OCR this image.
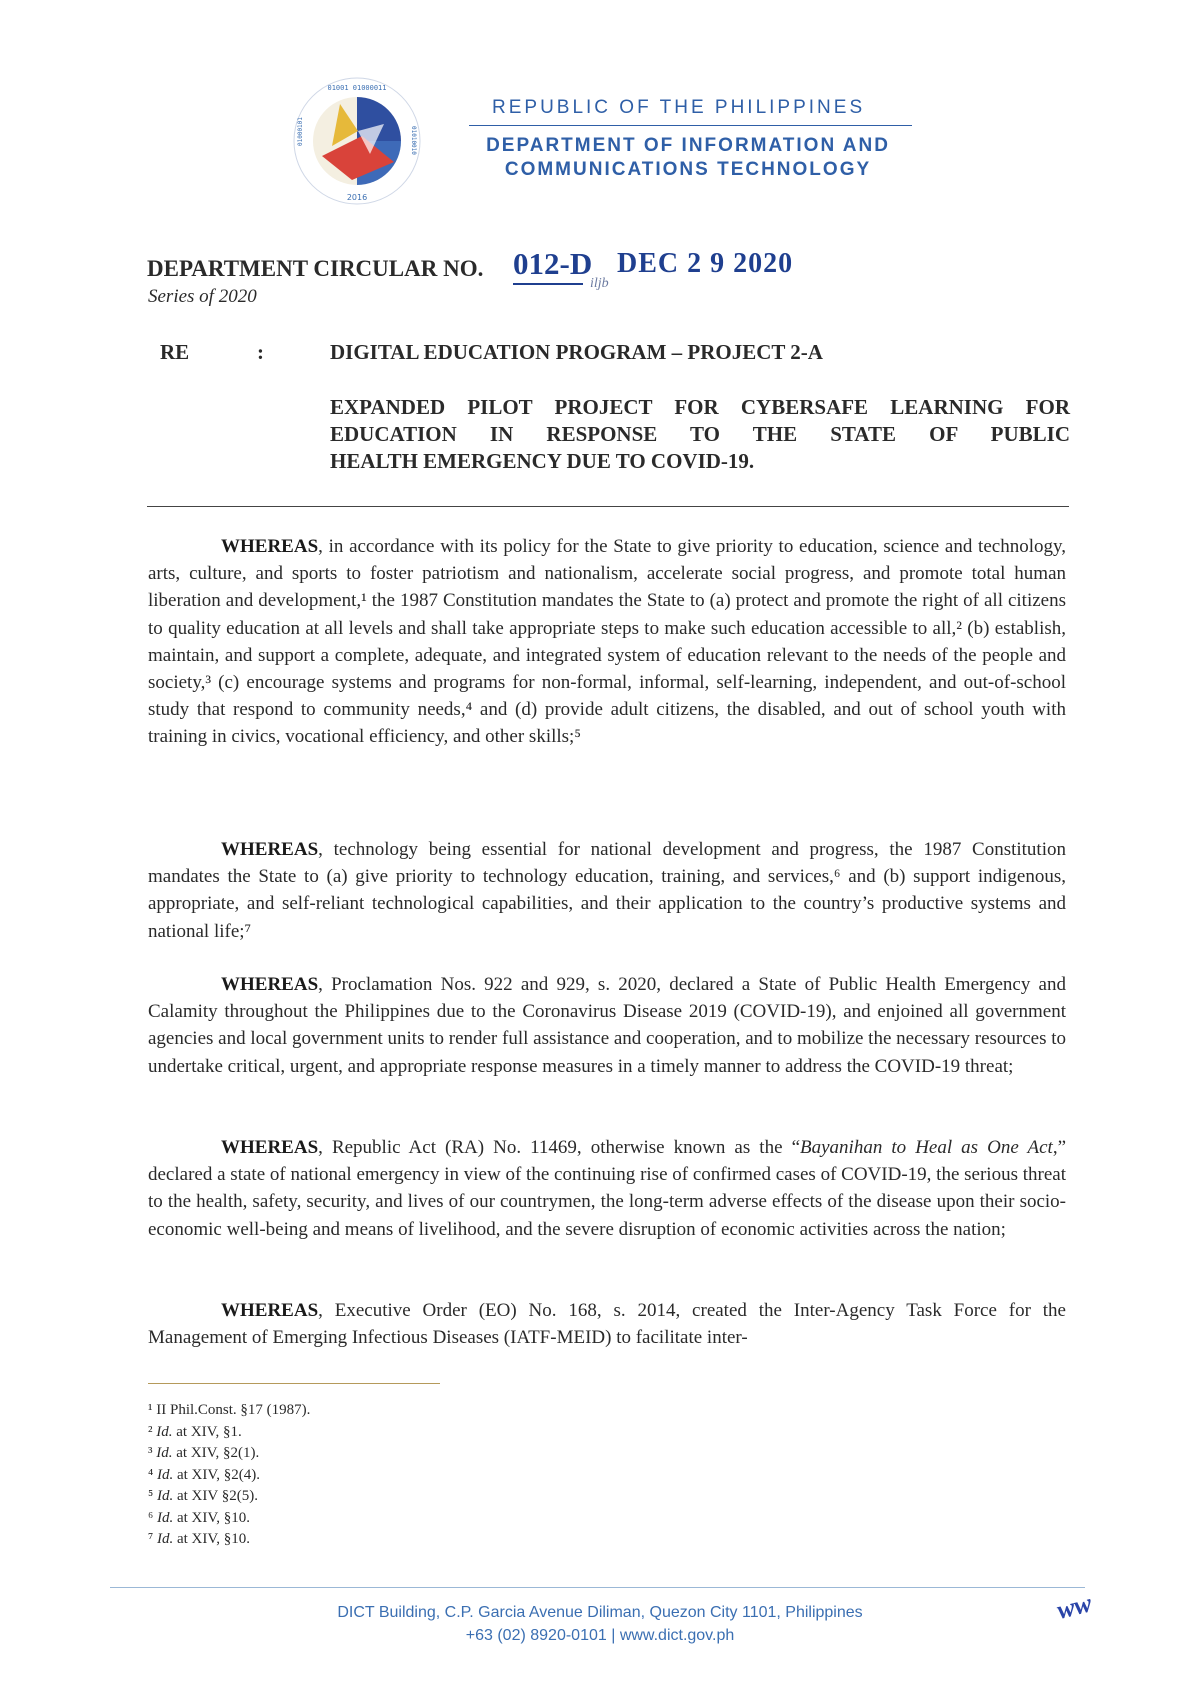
01001 01000011
01000101	01010010
2016
REPUBLIC OF THE PHILIPPINES
DEPARTMENT OF INFORMATION AND
COMMUNICATIONS TECHNOLOGY
DEPARTMENT CIRCULAR NO. 012-D DEC 2 9 2020
iljb
Series of 2020
RE	:	DIGITAL EDUCATION PROGRAM – PROJECT 2-A
EXPANDED PILOT PROJECT FOR CYBERSAFE LEARNING FOR
EDUCATION IN RESPONSE TO THE STATE OF PUBLIC
HEALTH EMERGENCY DUE TO COVID-19.

WHEREAS, in accordance with its policy for the State to give priority to education, science and technology, arts, culture, and sports to foster patriotism and nationalism, accelerate social progress, and promote total human liberation and development,¹ the 1987 Constitution mandates the State to (a) protect and promote the right of all citizens to quality education at all levels and shall take appropriate steps to make such education accessible to all,² (b) establish, maintain, and support a complete, adequate, and integrated system of education relevant to the needs of the people and society,³ (c) encourage systems and programs for non-formal, informal, self-learning, independent, and out-of-school study that respond to community needs,⁴ and (d) provide adult citizens, the disabled, and out of school youth with training in civics, vocational efficiency, and other skills;⁵

WHEREAS, technology being essential for national development and progress, the 1987 Constitution mandates the State to (a) give priority to technology education, training, and services,⁶ and (b) support indigenous, appropriate, and self-reliant technological capabilities, and their application to the country’s productive systems and national life;⁷

WHEREAS, Proclamation Nos. 922 and 929, s. 2020, declared a State of Public Health Emergency and Calamity throughout the Philippines due to the Coronavirus Disease 2019 (COVID-19), and enjoined all government agencies and local government units to render full assistance and cooperation, and to mobilize the necessary resources to undertake critical, urgent, and appropriate response measures in a timely manner to address the COVID-19 threat;

WHEREAS, Republic Act (RA) No. 11469, otherwise known as the “Bayanihan to Heal as One Act,” declared a state of national emergency in view of the continuing rise of confirmed cases of COVID-19, the serious threat to the health, safety, security, and lives of our countrymen, the long-term adverse effects of the disease upon their socio-economic well-being and means of livelihood, and the severe disruption of economic activities across the nation;

WHEREAS, Executive Order (EO) No. 168, s. 2014, created the Inter-Agency Task Force for the Management of Emerging Infectious Diseases (IATF-MEID) to facilitate inter-

¹ II Phil.Const. §17 (1987).
² Id. at XIV, §1.
³ Id. at XIV, §2(1).
⁴ Id. at XIV, §2(4).
⁵ Id. at XIV §2(5).
⁶ Id. at XIV, §10.
⁷ Id. at XIV, §10.
DICT Building, C.P. Garcia Avenue Diliman, Quezon City 1101, Philippines
+63 (02) 8920-0101 | www.dict.gov.ph
ww
